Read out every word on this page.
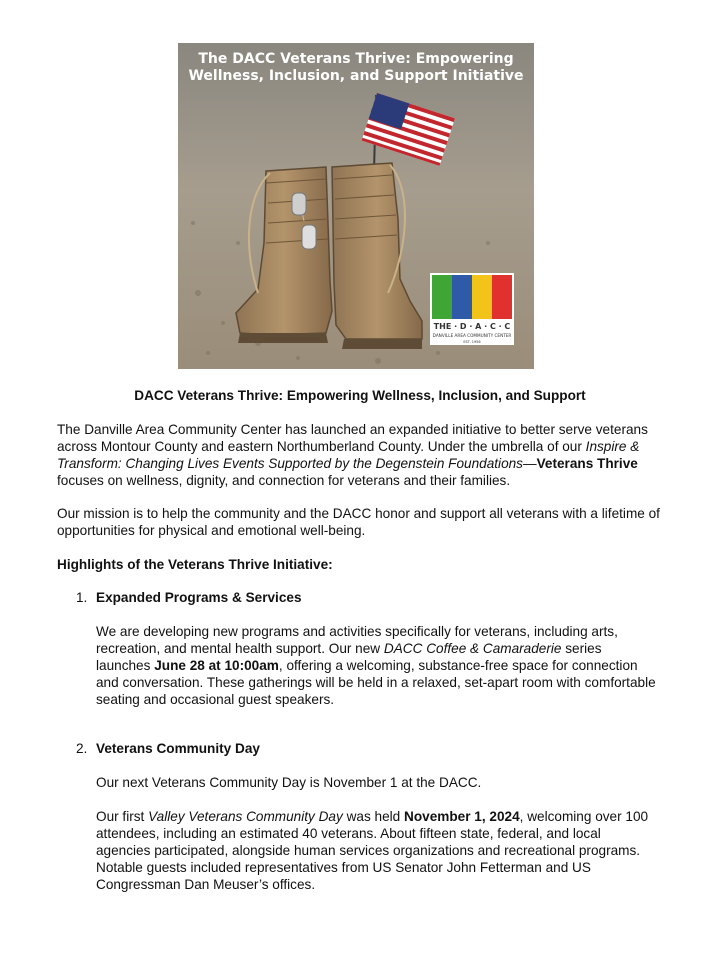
The DACC Veterans Thrive: Empowering
Wellness, Inclusion, and Support Initiative
THE · D · A · C · C
DANVILLE AREA COMMUNITY CENTER
EST. 1956
DACC Veterans Thrive: Empowering Wellness, Inclusion, and Support

The Danville Area Community Center has launched an expanded initiative to better serve veterans across Montour County and eastern Northumberland County. Under the umbrella of our Inspire & Transform: Changing Lives Events Supported by the Degenstein Foundations—Veterans Thrive focuses on wellness, dignity, and connection for veterans and their families.

Our mission is to help the community and the DACC honor and support all veterans with a lifetime of opportunities for physical and emotional well-being.

Highlights of the Veterans Thrive Initiative:

1. Expanded Programs & Services

We are developing new programs and activities specifically for veterans, including arts, recreation, and mental health support. Our new DACC Coffee & Camaraderie series launches June 28 at 10:00am, offering a welcoming, substance-free space for connection and conversation. These gatherings will be held in a relaxed, set-apart room with comfortable seating and occasional guest speakers.

2. Veterans Community Day

Our next Veterans Community Day is November 1 at the DACC.

Our first Valley Veterans Community Day was held November 1, 2024, welcoming over 100 attendees, including an estimated 40 veterans. About fifteen state, federal, and local agencies participated, alongside human services organizations and recreational programs. Notable guests included representatives from US Senator John Fetterman and US Congressman Dan Meuser’s offices.
